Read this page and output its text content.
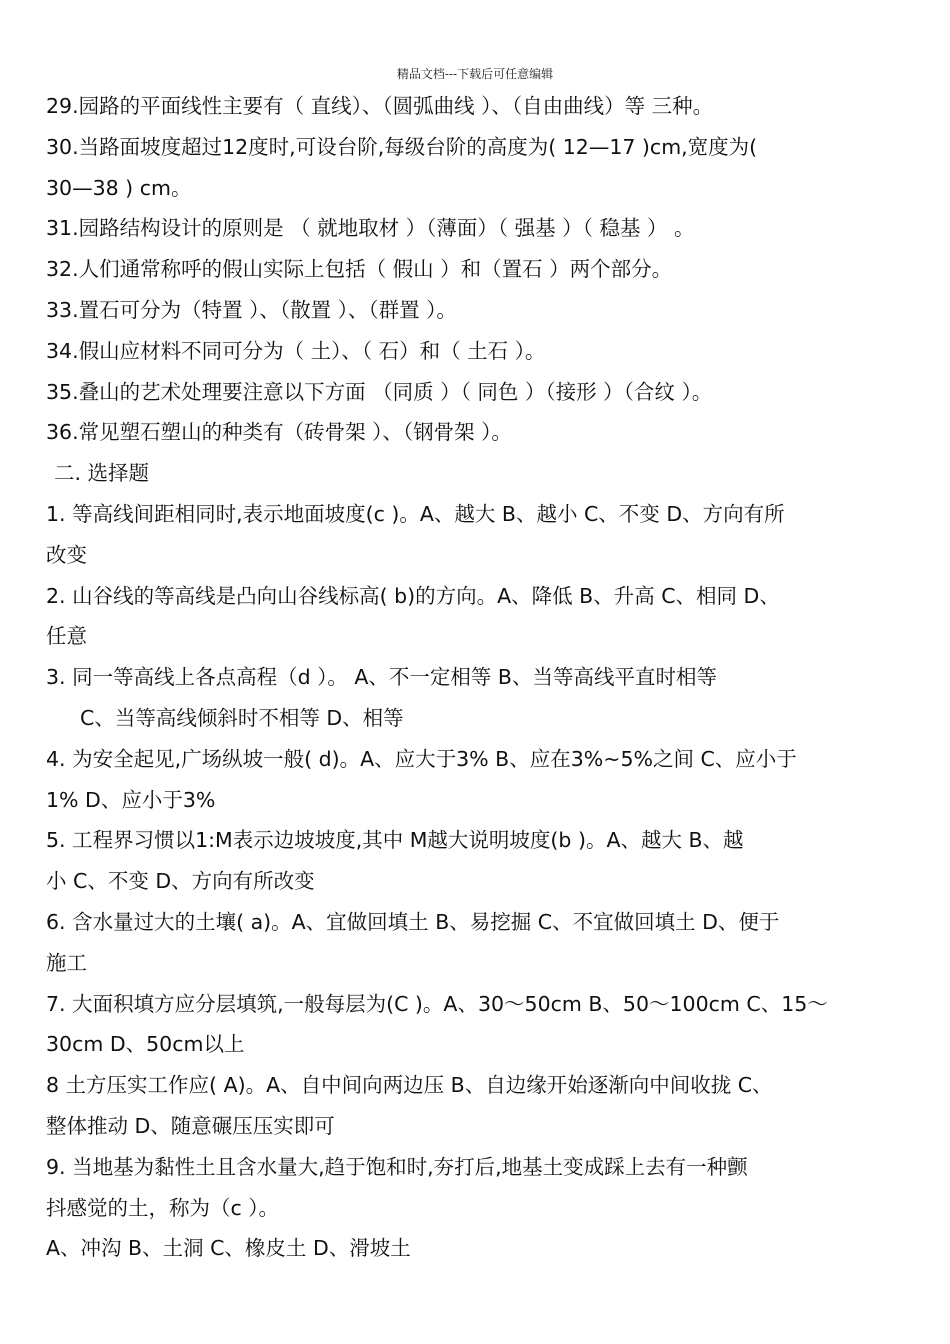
精品文档---下载后可任意编辑
29.园路的平面线性主要有（ 直线）、（圆弧曲线 ）、（自由曲线）等 三种。
30.当路面坡度超过12度时,可设台阶,每级台阶的高度为( 12—17 )cm,宽度为(
30—38 ) cm。
31.园路结构设计的原则是 （ 就地取材 ）（薄面）（ 强基 ）（ 稳基 ） 。
32.人们通常称呼的假山实际上包括（ 假山 ）和（置石 ）两个部分。
33.置石可分为（特置 ）、（散置 ）、（群置 ）。
34.假山应材料不同可分为（ 土）、（ 石）和（ 土石 ）。
35.叠山的艺术处理要注意以下方面 （同质 ）（ 同色 ）（接形 ）（合纹 ）。
36.常见塑石塑山的种类有（砖骨架 ）、（钢骨架 ）。
二. 选择题
1. 等高线间距相同时,表示地面坡度(c )。A、越大 B、越小 C、不变 D、方向有所
改变
2. 山谷线的等高线是凸向山谷线标高( b)的方向。A、降低 B、升高 C、相同 D、
任意
3. 同一等高线上各点高程（d ）。 A、不一定相等 B、当等高线平直时相等
C、当等高线倾斜时不相等 D、相等
4. 为安全起见,广场纵坡一般( d)。A、应大于3% B、应在3%~5%之间 C、应小于
1% D、应小于3%
5. 工程界习惯以1:M表示边坡坡度,其中 M越大说明坡度(b )。A、越大 B、越
小 C、不变 D、方向有所改变
6. 含水量过大的土壤( a)。A、宜做回填土 B、易挖掘 C、不宜做回填土 D、便于
施工
7. 大面积填方应分层填筑,一般每层为(C )。A、30～50cm B、50～100cm C、15～
30cm D、50cm以上
8 土方压实工作应( A)。A、自中间向两边压 B、自边缘开始逐渐向中间收拢 C、
整体推动 D、随意碾压压实即可
9. 当地基为黏性土且含水量大,趋于饱和时,夯打后,地基土变成踩上去有一种颤
抖感觉的土，称为（c ）。
A、冲沟 B、土洞 C、橡皮土 D、滑坡土
